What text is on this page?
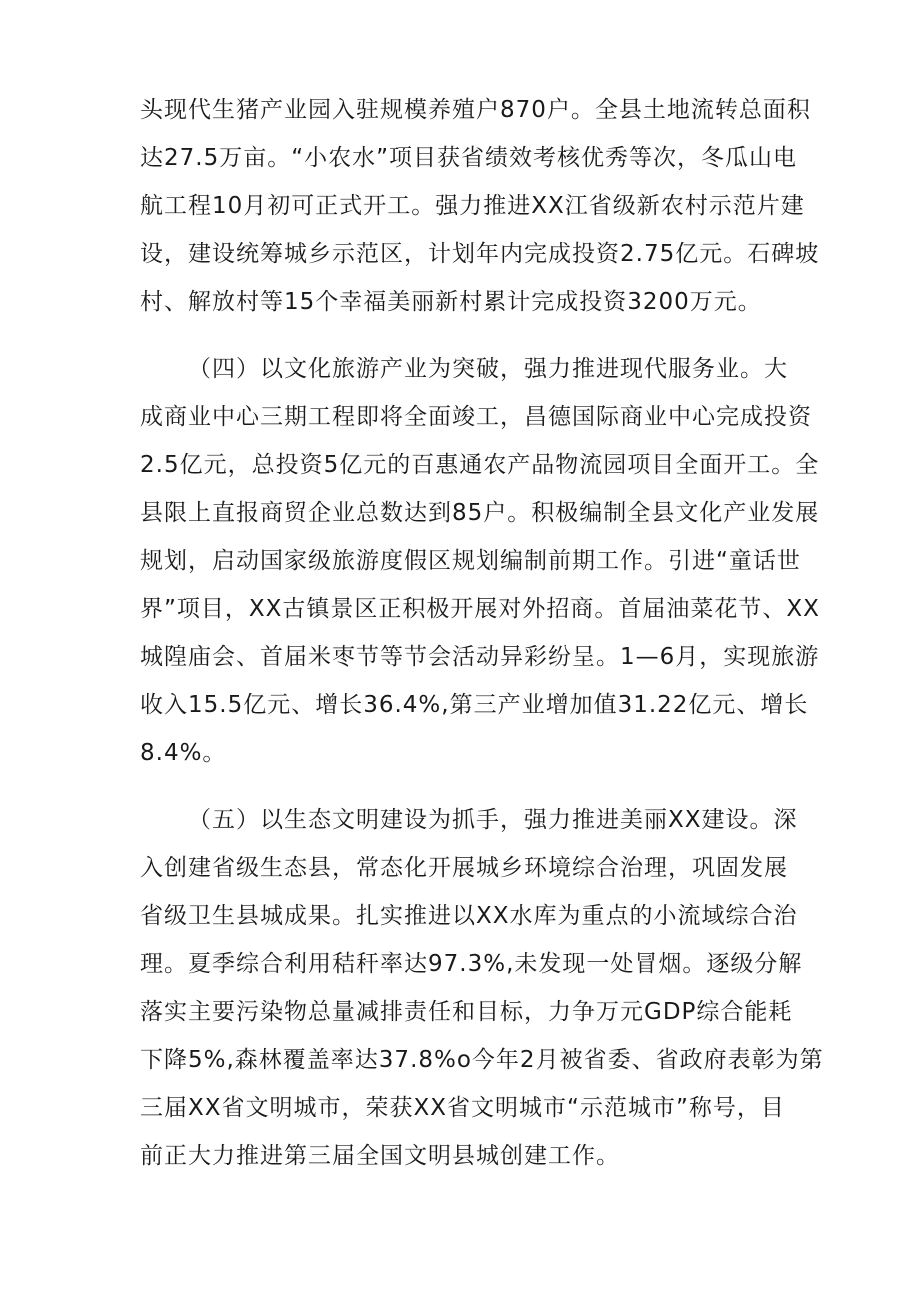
头现代生猪产业园入驻规模养殖户870户。全县土地流转总面积
达27.5万亩。“小农水”项目获省绩效考核优秀等次，冬瓜山电
航工程10月初可正式开工。强力推进XX江省级新农村示范片建
设，建设统筹城乡示范区，计划年内完成投资2.75亿元。石碑坡
村、解放村等15个幸福美丽新村累计完成投资3200万元。
（四）以文化旅游产业为突破，强力推进现代服务业。大
成商业中心三期工程即将全面竣工，昌德国际商业中心完成投资
2.5亿元，总投资5亿元的百惠通农产品物流园项目全面开工。全
县限上直报商贸企业总数达到85户。积极编制全县文化产业发展
规划，启动国家级旅游度假区规划编制前期工作。引进“童话世
界”项目，XX古镇景区正积极开展对外招商。首届油菜花节、XX
城隍庙会、首届米枣节等节会活动异彩纷呈。1—6月，实现旅游
收入15.5亿元、增长36.4%,第三产业增加值31.22亿元、增长
8.4%。
（五）以生态文明建设为抓手，强力推进美丽XX建设。深
入创建省级生态县，常态化开展城乡环境综合治理，巩固发展
省级卫生县城成果。扎实推进以XX水库为重点的小流域综合治
理。夏季综合利用秸秆率达97.3%,未发现一处冒烟。逐级分解
落实主要污染物总量减排责任和目标，力争万元GDP综合能耗
下降5%,森林覆盖率达37.8%o今年2月被省委、省政府表彰为第
三届XX省文明城市，荣获XX省文明城市“示范城市”称号，目
前正大力推进第三届全国文明县城创建工作。
